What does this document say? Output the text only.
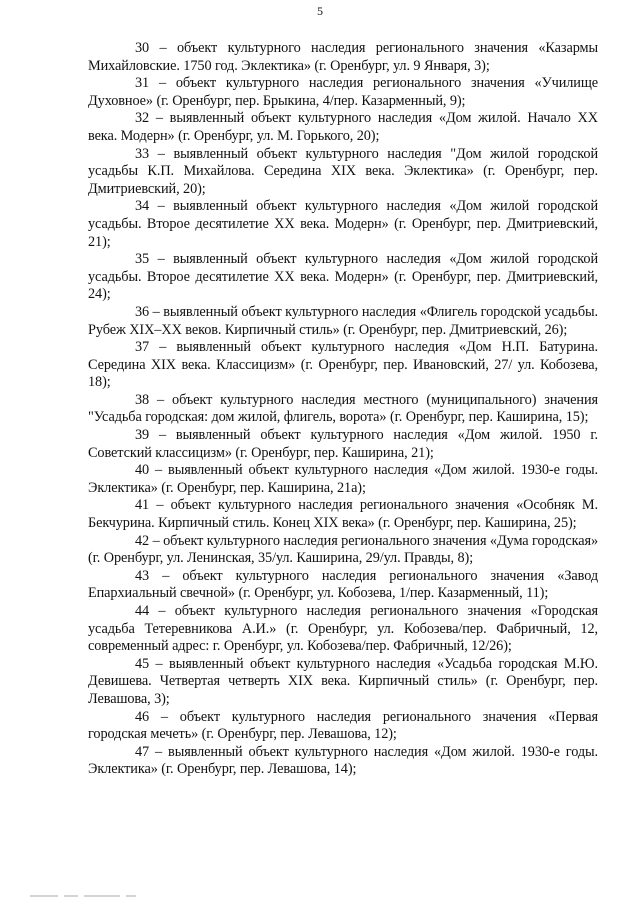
5

30 – объект культурного наследия регионального значения «Казармы Михайловские. 1750 год. Эклектика» (г. Оренбург, ул. 9 Января, 3);

31 – объект культурного наследия регионального значения «Училище Духовное» (г. Оренбург, пер. Брыкина, 4/пер. Казарменный, 9);

32 – выявленный объект культурного наследия «Дом жилой. Начало XX века. Модерн» (г. Оренбург, ул. М. Горького, 20);

33 – выявленный объект культурного наследия "Дом жилой городской усадьбы К.П. Михайлова. Середина XIX века. Эклектика» (г. Оренбург, пер. Дмитриевский, 20);

34 – выявленный объект культурного наследия «Дом жилой городской усадьбы. Второе десятилетие XX века. Модерн» (г. Оренбург, пер. Дмитриевский, 21);

35 – выявленный объект культурного наследия «Дом жилой городской усадьбы. Второе десятилетие XX века. Модерн» (г. Оренбург, пер. Дмитриевский, 24);

36 – выявленный объект культурного наследия «Флигель городской усадьбы. Рубеж XIX–XX веков. Кирпичный стиль» (г. Оренбург, пер. Дмитриевский, 26);

37 – выявленный объект культурного наследия «Дом Н.П. Батурина. Середина XIX века. Классицизм» (г. Оренбург, пер. Ивановский, 27/ ул. Кобозева, 18);

38 – объект культурного наследия местного (муниципального) значения "Усадьба городская: дом жилой, флигель, ворота» (г. Оренбург, пер. Каширина, 15);

39 – выявленный объект культурного наследия «Дом жилой. 1950 г. Советский классицизм» (г. Оренбург, пер. Каширина, 21);

40 – выявленный объект культурного наследия «Дом жилой. 1930-е годы. Эклектика» (г. Оренбург, пер. Каширина, 21а);

41 – объект культурного наследия регионального значения «Особняк М. Бекчурина. Кирпичный стиль. Конец XIX века» (г. Оренбург, пер. Каширина, 25);

42 – объект культурного наследия регионального значения «Дума городская» (г. Оренбург, ул. Ленинская, 35/ул. Каширина, 29/ул. Правды, 8);

43 – объект культурного наследия регионального значения «Завод Епархиальный свечной» (г. Оренбург, ул. Кобозева, 1/пер. Казарменный, 11);

44 – объект культурного наследия регионального значения «Городская усадьба Тетеревникова А.И.» (г. Оренбург, ул. Кобозева/пер. Фабричный, 12, современный адрес: г. Оренбург, ул. Кобозева/пер. Фабричный, 12/26);

45 – выявленный объект культурного наследия «Усадьба городская М.Ю. Девишева. Четвертая четверть XIX века. Кирпичный стиль» (г. Оренбург, пер. Левашова, 3);

46 – объект культурного наследия регионального значения «Первая городская мечеть» (г. Оренбург, пер. Левашова, 12);

47 – выявленный объект культурного наследия «Дом жилой. 1930-е годы. Эклектика» (г. Оренбург, пер. Левашова, 14);
